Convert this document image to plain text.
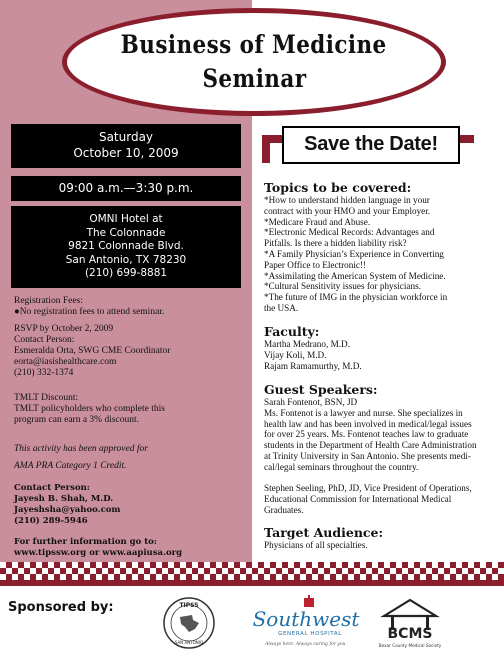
Business of Medicine
Seminar
Saturday
October 10, 2009
09:00 a.m.—3:30 p.m.
OMNI Hotel at
The Colonnade
9821 Colonnade Blvd.
San Antonio, TX 78230
(210) 699-8881
Registration Fees:
●No registration fees to attend seminar.
RSVP by October 2, 2009
Contact Person:
Esmeralda Orta, SWG CME Coordinator
eorta@iasishealthcare.com
(210) 332-1374
TMLT Discount:
TMLT policyholders who complete this
program can earn a 3% discount.
This activity has been approved for
AMA PRA Category 1 Credit.
Contact Person:
Jayesh B. Shah, M.D.
Jayeshsha@yahoo.com
(210) 289-5946
For further information go to:
www.tipssw.org or www.aapiusa.org
Save the Date!
Topics to be covered:
*How to understand hidden language in your
contract with your HMO and your Employer.
*Medicare Fraud and Abuse.
*Electronic Medical Records: Advantages and
Pitfalls. Is there a hidden liability risk?
*A Family Physician’s Experience in Converting
Paper Office to Electronic!!
*Assimilating the American System of Medicine.
*Cultural Sensitivity issues for physicians.
*The future of IMG in the physician workforce in
the USA.
Faculty:
Martha Medrano, M.D.
Vijay Koli, M.D.
Rajam Ramamurthy, M.D.
Guest Speakers:
Sarah Fontenot, BSN, JD
Ms. Fontenot is a lawyer and nurse. She specializes in
health law and has been involved in medical/legal issues
for over 25 years. Ms. Fontenot teaches law to graduate
students in the Department of Health Care Administration
at Trinity University in San Antonio. She presents medi-
cal/legal seminars throughout the country.
Stephen Seeling, PhD, JD, Vice President of Operations,
Educational Commission for International Medical
Graduates.
Target Audience:
Physicians of all specialties.
Sponsored by:	TIPSS
SAN ANTONIO
Southwest
GENERAL HOSPITAL
Always here. Always caring for you.
BCMS
Bexar County Medical Society
